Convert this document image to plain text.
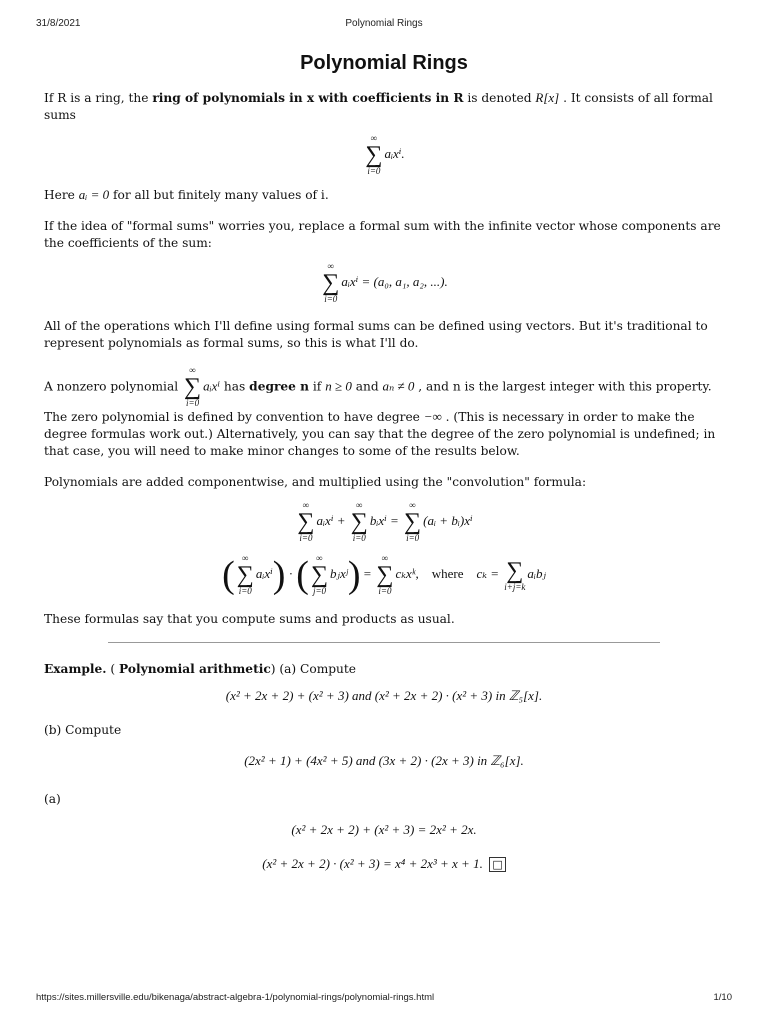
31/8/2021	Polynomial Rings
Polynomial Rings

If R is a ring, the ring of polynomials in x with coefficients in R is denoted R[x] . It consists of all formal sums

∞
∑
i=0
aᵢxⁱ.

Here aᵢ = 0 for all but finitely many values of i.

If the idea of "formal sums" worries you, replace a formal sum with the infinite vector whose components are the coefficients of the sum:

∞
∑
i=0
aᵢxⁱ = (a₀, a₁, a₂, ...).

All of the operations which I'll define using formal sums can be defined using vectors. But it's traditional to represent polynomials as formal sums, so this is what I'll do.

A nonzero polynomial
∞
∑
i=0
aᵢxⁱ has degree n if n ≥ 0 and aₙ ≠ 0 , and n is the largest integer with this property. The zero polynomial is defined by convention to have degree −∞ . (This is necessary in order to make the degree formulas work out.) Alternatively, you can say that the degree of the zero polynomial is undefined; in that case, you will need to make minor changes to some of the results below.

Polynomials are added componentwise, and multiplied using the "convolution" formula:

∞
∑
i=0
aᵢxⁱ +
∞
∑
i=0
bᵢxⁱ =
∞
∑
i=0
(aᵢ + bᵢ)xⁱ
( ∞
∑
i=0
aᵢxⁱ) · ( ∞
∑
j=0
bⱼxʲ) =
∞
∑
i=0
cₖxᵏ, where cₖ = ∑
i+j=k
aᵢbⱼ

These formulas say that you compute sums and products as usual.

Example. ( Polynomial arithmetic) (a) Compute

(x² + 2x + 2) + (x² + 3) and (x² + 2x + 2) · (x² + 3) in ℤ₅[x].

(b) Compute

(2x² + 1) + (4x² + 5) and (3x + 2) · (2x + 3) in ℤ₆[x].

(a)

(x² + 2x + 2) + (x² + 3) = 2x² + 2x.
(x² + 2x + 2) · (x² + 3) = x⁴ + 2x³ + x + 1. □
https://sites.millersville.edu/bikenaga/abstract-algebra-1/polynomial-rings/polynomial-rings.html	1/10
